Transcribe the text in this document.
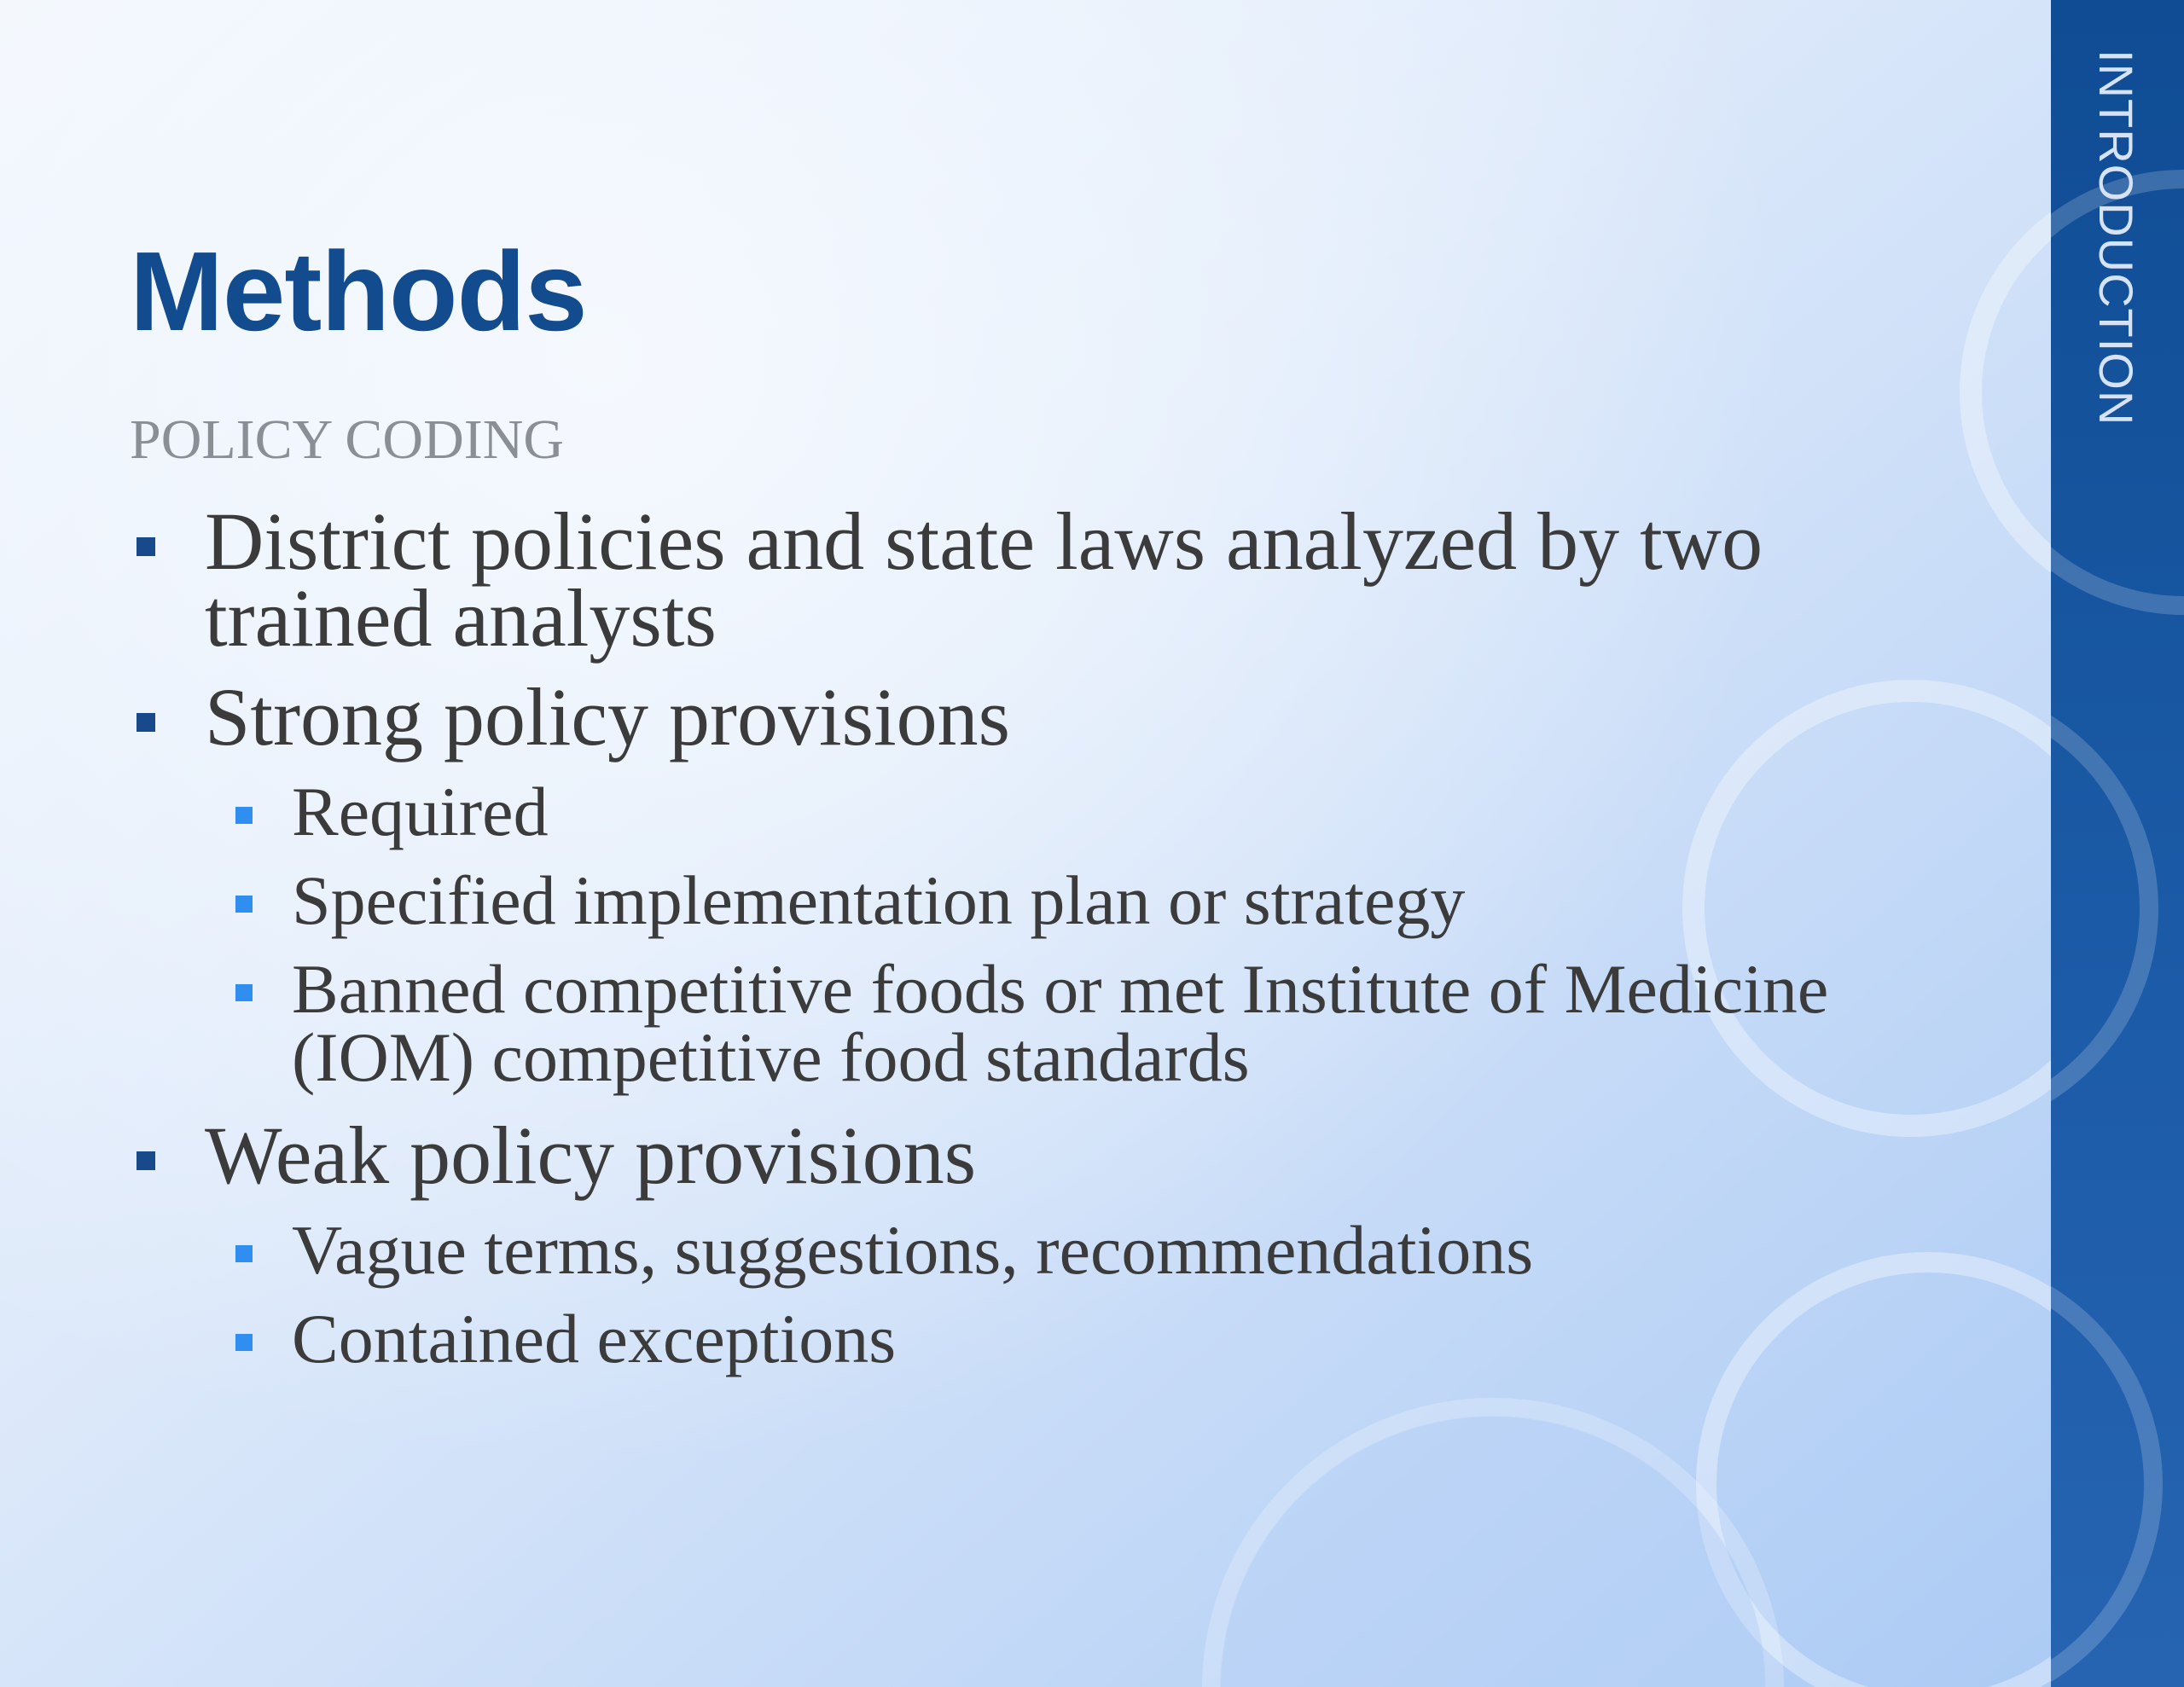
INTRODUCTION
Methods
POLICY CODING
District policies and state laws analyzed by two trained analysts
Strong policy provisions
Required
Specified implementation plan or strategy
Banned competitive foods or met Institute of Medicine (IOM) competitive food standards
Weak policy provisions
Vague terms, suggestions, recommendations
Contained exceptions
